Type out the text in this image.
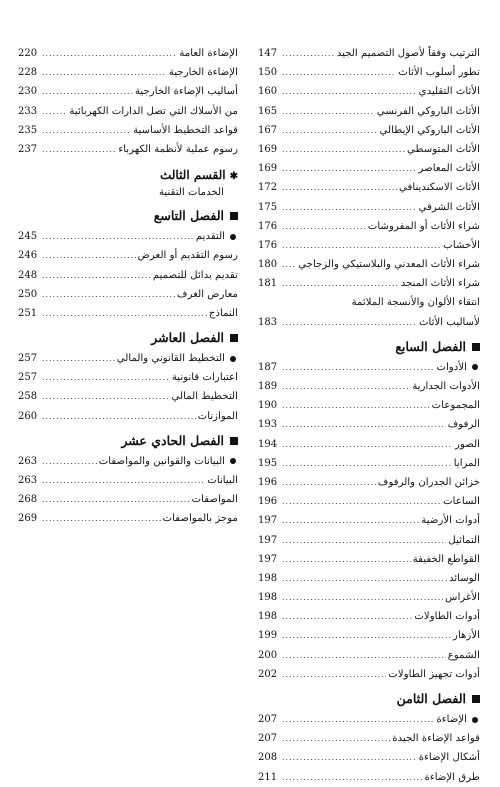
الترتيب وفقاً لأصول التصميم الجيد
.....
147
تطور أسلوب الأثاث
.....
150
الأثاث التقليدي
.....
160
الأثاث الباروكي الفرنسي
.....
165
الأثاث الباروكي الإيطالي
.....
167
الأثاث المتوسطي
.....
169
الأثاث المعاصر
.....
169
الأثاث الاسكندينافي
.....
172
الأثاث الشرقي
.....
175
شراء الأثاث أو المفروشات
.....
176
الأخشاب
.....
176
شراء الأثاث المعدني والبلاستيكي والزجاجي
.....
180
شراء الأثاث المنجد
.....
181
انتقاء الألوان والأنسجة الملائمة
لأساليب الأثاث
.....
183
الفصل السابع
الأدوات
.....
187
الأدوات الجدارية
.....
189
المجموعات
.....
190
الرفوف
.....
193
الصور
.....
194
المرايا
.....
195
خزائن الجدران والرفوف
.....
196
الساعات
.....
196
أدوات الأرضية
.....
197
التماثيل
.....
197
القواطع الخفيفة
.....
197
الوسائد
.....
198
الأغراس
.....
198
أدوات الطاولات
.....
198
الأزهار
.....
199
الشموع
.....
200
أدوات تجهيز الطاولات
.....
202
الفصل الثامن
الإضاءة
.....
207
قواعد الإضاءة الجيدة
.....
207
أشكال الإضاءة
.....
208
طرق الإضاءة
.....
211
الإضاءة العامة
.....
220
الإضاءة الخارجية
.....
228
أساليب الإضاءة الخارجية
.....
230
من الأسلاك التي تصل الدارات الكهربائية
.....
233
قواعد التخطيط الأساسية
.....
235
رسوم عملية لأنظمة الكهرباء
.....
237
✱القسم الثالث
الخدمات التقنية
الفصل التاسع
التقديم
.....
245
رسوم التقديم أو العرض
.....
246
تقديم بدائل للتصميم
.....
248
معارض الغرف
.....
250
النماذج
.....
251
الفصل العاشر
التخطيط القانوني والمالي
.....
257
اعتبارات قانونية
.....
257
التخطيط المالي
.....
258
الموازنات
.....
260
الفصل الحادي عشر
البيانات والقوانين والمواصفات
.....
263
البيانات
.....
263
المواصفات
.....
268
موجز بالمواصفات
.....
269
